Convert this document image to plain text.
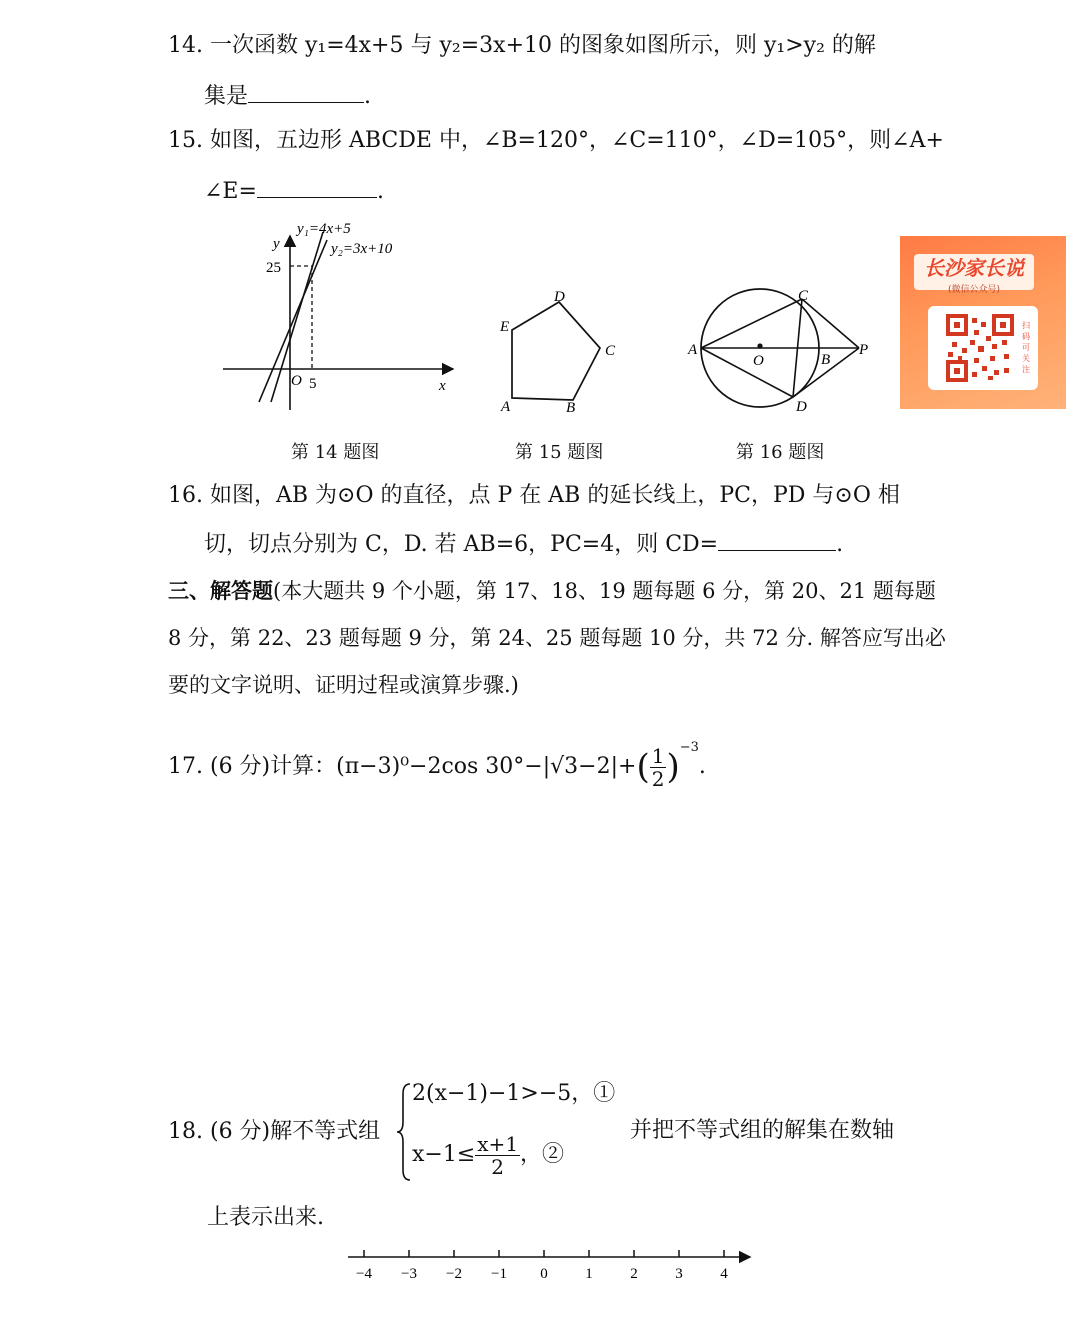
14. 一次函数 y₁=4x+5 与 y₂=3x+10 的图象如图所示，则 y₁>y₂ 的解
集是	.
15. 如图，五边形 ABCDE 中，∠B=120°，∠C=110°，∠D=105°，则∠A+
∠E=	.
y₁=4x+5
y₂=3x+10
y
x
O 5
25
第 14 题图
A	B
C
D
E
第 15 题图
A
B
C
D
O
P
第 16 题图
长沙家长说
(微信公众号)
扫码可关注
16. 如图，AB 为⊙O 的直径，点 P 在 AB 的延长线上，PC，PD 与⊙O 相
切，切点分别为 C，D. 若 AB=6，PC=4，则 CD=	.
三、解答题(本大题共 9 个小题，第 17、18、19 题每题 6 分，第 20、21 题每题
8 分，第 22、23 题每题 9 分，第 24、25 题每题 10 分，共 72 分. 解答应写出必
要的文字说明、证明过程或演算步骤.)
17. (6 分)计算：(π−3)⁰−2cos $30^\circ-|√3-2|+( \frac{1}{2} )^{-3}$.
18. (6 分)解不等式组
2(x−1)−1>−5，①
$x-1\le \frac{x+1}{2}$ ，②
并把不等式组的解集在数轴
上表示出来.
−4 −3 −2 −1 0	1	2	3	4
